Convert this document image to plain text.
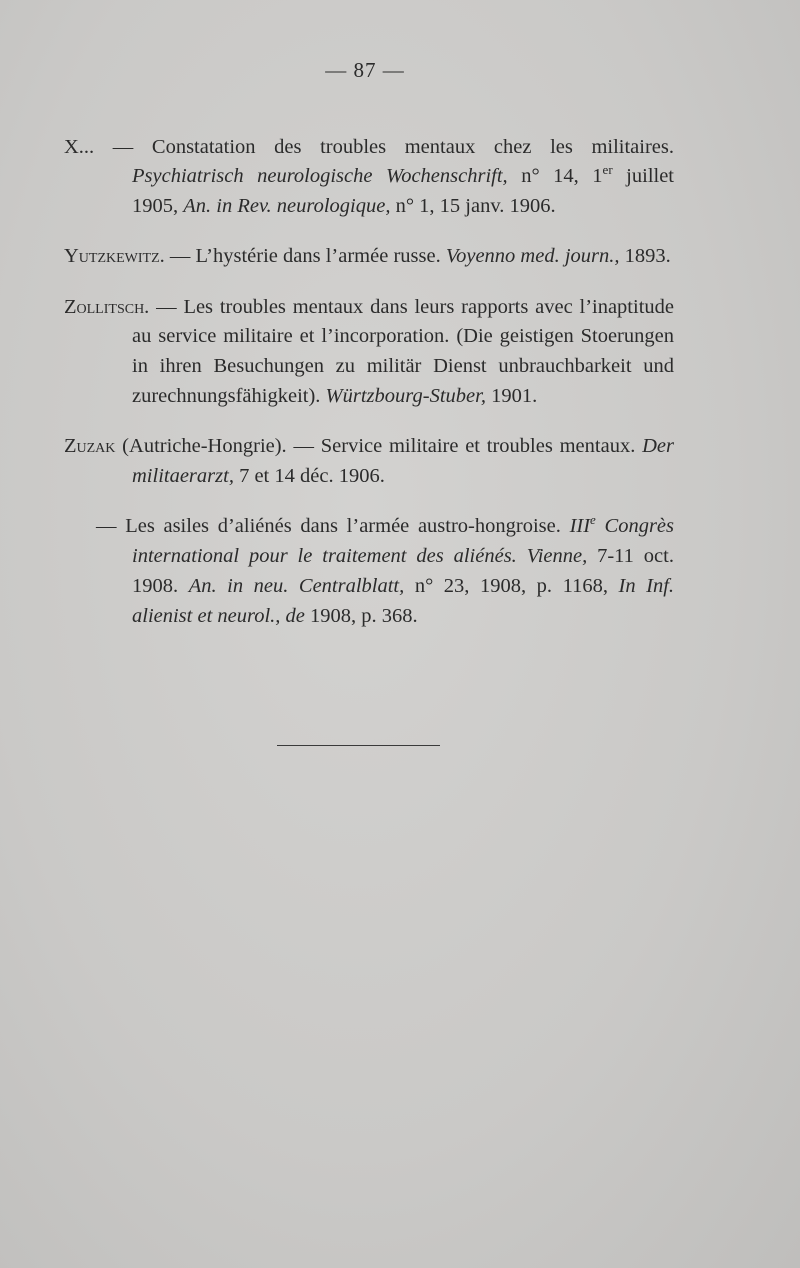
— 87 —

X... — Constatation des troubles mentaux chez les militaires. Psychiatrisch neurologische Wochenschrift, n° 14, 1er juillet 1905, An. in Rev. neurologique, n° 1, 15 janv. 1906.

Yutzkewitz. — L’hystérie dans l’armée russe. Voyenno med. journ., 1893.

Zollitsch. — Les troubles mentaux dans leurs rapports avec l’inaptitude au service militaire et l’incorporation. (Die geistigen Stoerungen in ihren Besuchungen zu militär Dienst unbrauchbarkeit und zurechnungsfähigkeit). Würtzbourg-Stuber, 1901.

Zuzak (Autriche-Hongrie). — Service militaire et troubles mentaux. Der militaerarzt, 7 et 14 déc. 1906.

— Les asiles d’aliénés dans l’armée austro-hongroise. IIIe Congrès international pour le traitement des aliénés. Vienne, 7-11 oct. 1908. An. in neu. Centralblatt, n° 23, 1908, p. 1168, In Inf. alienist et neurol., de 1908, p. 368.
